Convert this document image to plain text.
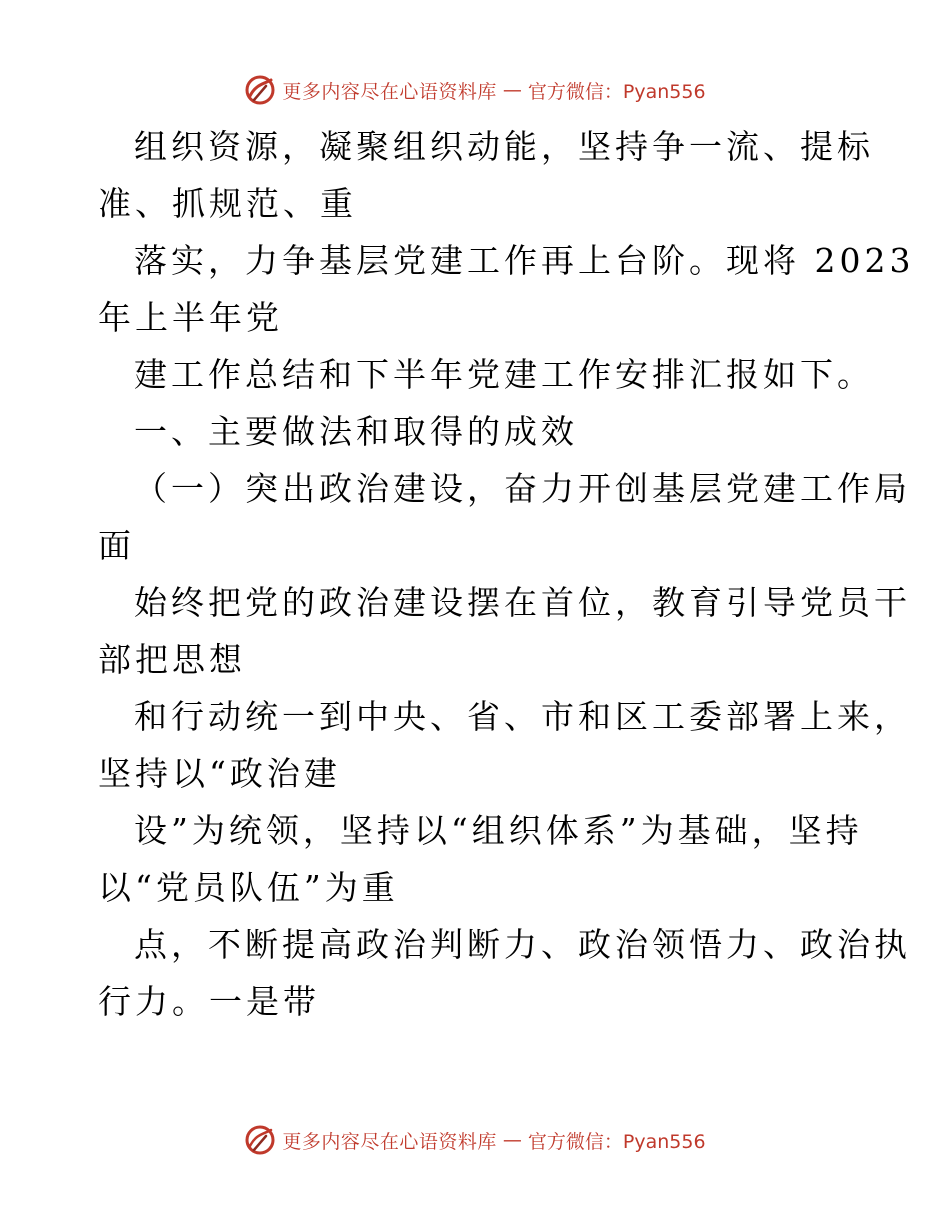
更多内容尽在心语资料库 — 官方微信：Pyan556
组织资源，凝聚组织动能，坚持争一流、提标
准、抓规范、重
落实，力争基层党建工作再上台阶。现将 2023
年上半年党
建工作总结和下半年党建工作安排汇报如下。
一、主要做法和取得的成效
（一）突出政治建设，奋力开创基层党建工作局
面
始终把党的政治建设摆在首位，教育引导党员干
部把思想
和行动统一到中央、省、市和区工委部署上来，
坚持以“政治建
设”为统领，坚持以“组织体系”为基础，坚持
以“党员队伍”为重
点，不断提高政治判断力、政治领悟力、政治执
行力。一是带
更多内容尽在心语资料库 — 官方微信：Pyan556
